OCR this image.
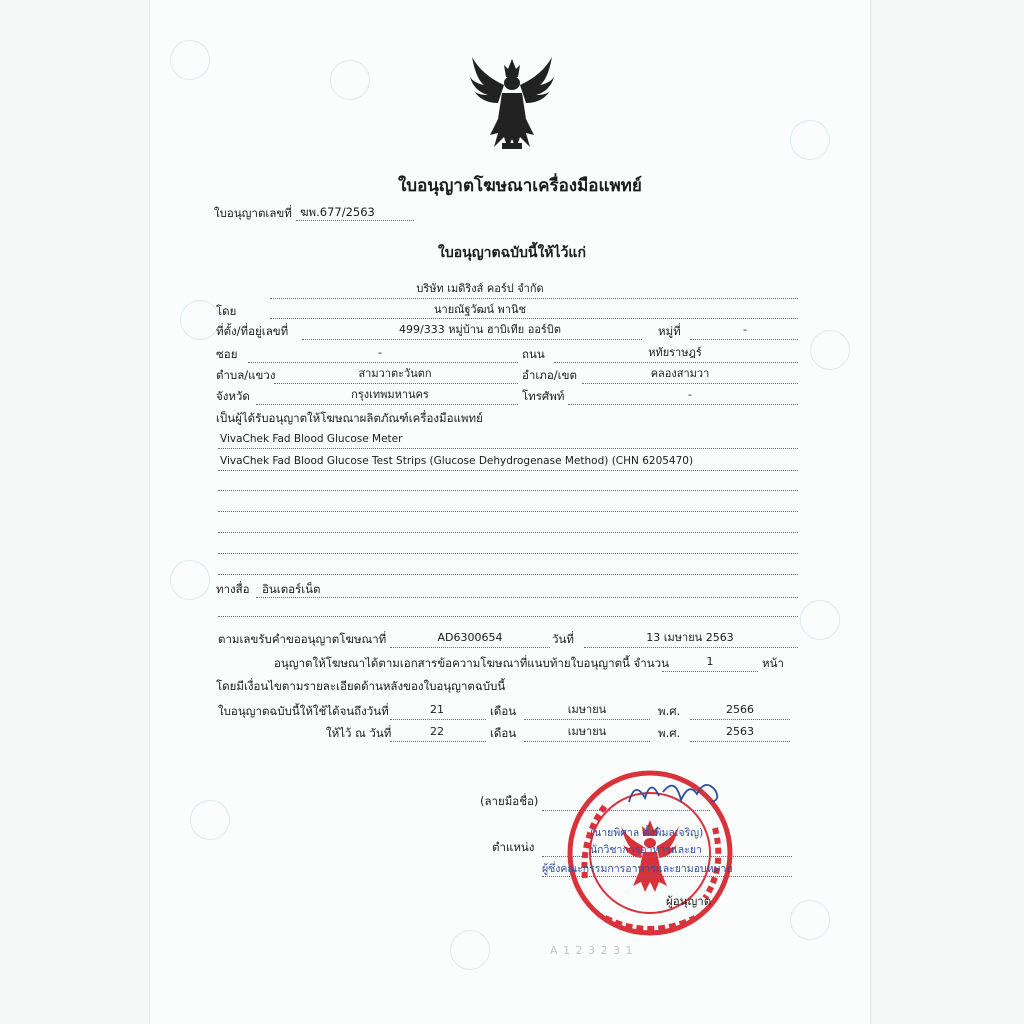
ใบอนุญาตโฆษณาเครื่องมือแพทย์
ใบอนุญาตเลขที่ ฆพ.677/2563
ใบอนุญาตฉบับนี้ให้ไว้แก่
บริษัท เมดิริงส์ คอร์ป จำกัด
โดย	นายณัฐวัฒน์ พานิช
ที่ตั้ง/ที่อยู่เลขที่	499/333 หมู่บ้าน ฮาบิเทีย ออร์บิต	หมู่ที่	-
ซอย	-	ถนน	หทัยราษฎร์
ตำบล/แขวง	สามวาตะวันตก	อำเภอ/เขต	คลองสามวา
จังหวัด	กรุงเทพมหานคร	โทรศัพท์	-
เป็นผู้ได้รับอนุญาตให้โฆษณาผลิตภัณฑ์เครื่องมือแพทย์
VivaChek Fad Blood Glucose Meter
VivaChek Fad Blood Glucose Test Strips (Glucose Dehydrogenase Method) (CHN 6205470)
ทางสื่อ อินเตอร์เน็ต
ตามเลขรับคำขออนุญาตโฆษณาที่	AD6300654	วันที่	13 เมษายน 2563
อนุญาตให้โฆษณาได้ตามเอกสารข้อความโฆษณาที่แนบท้ายใบอนุญาตนี้ จำนวน	1	หน้า
โดยมีเงื่อนไขตามรายละเอียดด้านหลังของใบอนุญาตฉบับนี้
ใบอนุญาตฉบับนี้ให้ใช้ได้จนถึงวันที่	21	เดือน	เมษายน	พ.ศ.	2566
ให้ไว้ ณ วันที่	22	เดือน	เมษายน	พ.ศ.	2563
(ลายมือชื่อ)
(นายพิศาล ตั้งพิมลเจริญ)
ตำแหน่ง	นักวิชาการอาหารและยา
ผู้ซึ่งคณะกรรมการอาหารและยามอบหมาย
ผู้อนุญาต
A 1 2 3 2 3 1
